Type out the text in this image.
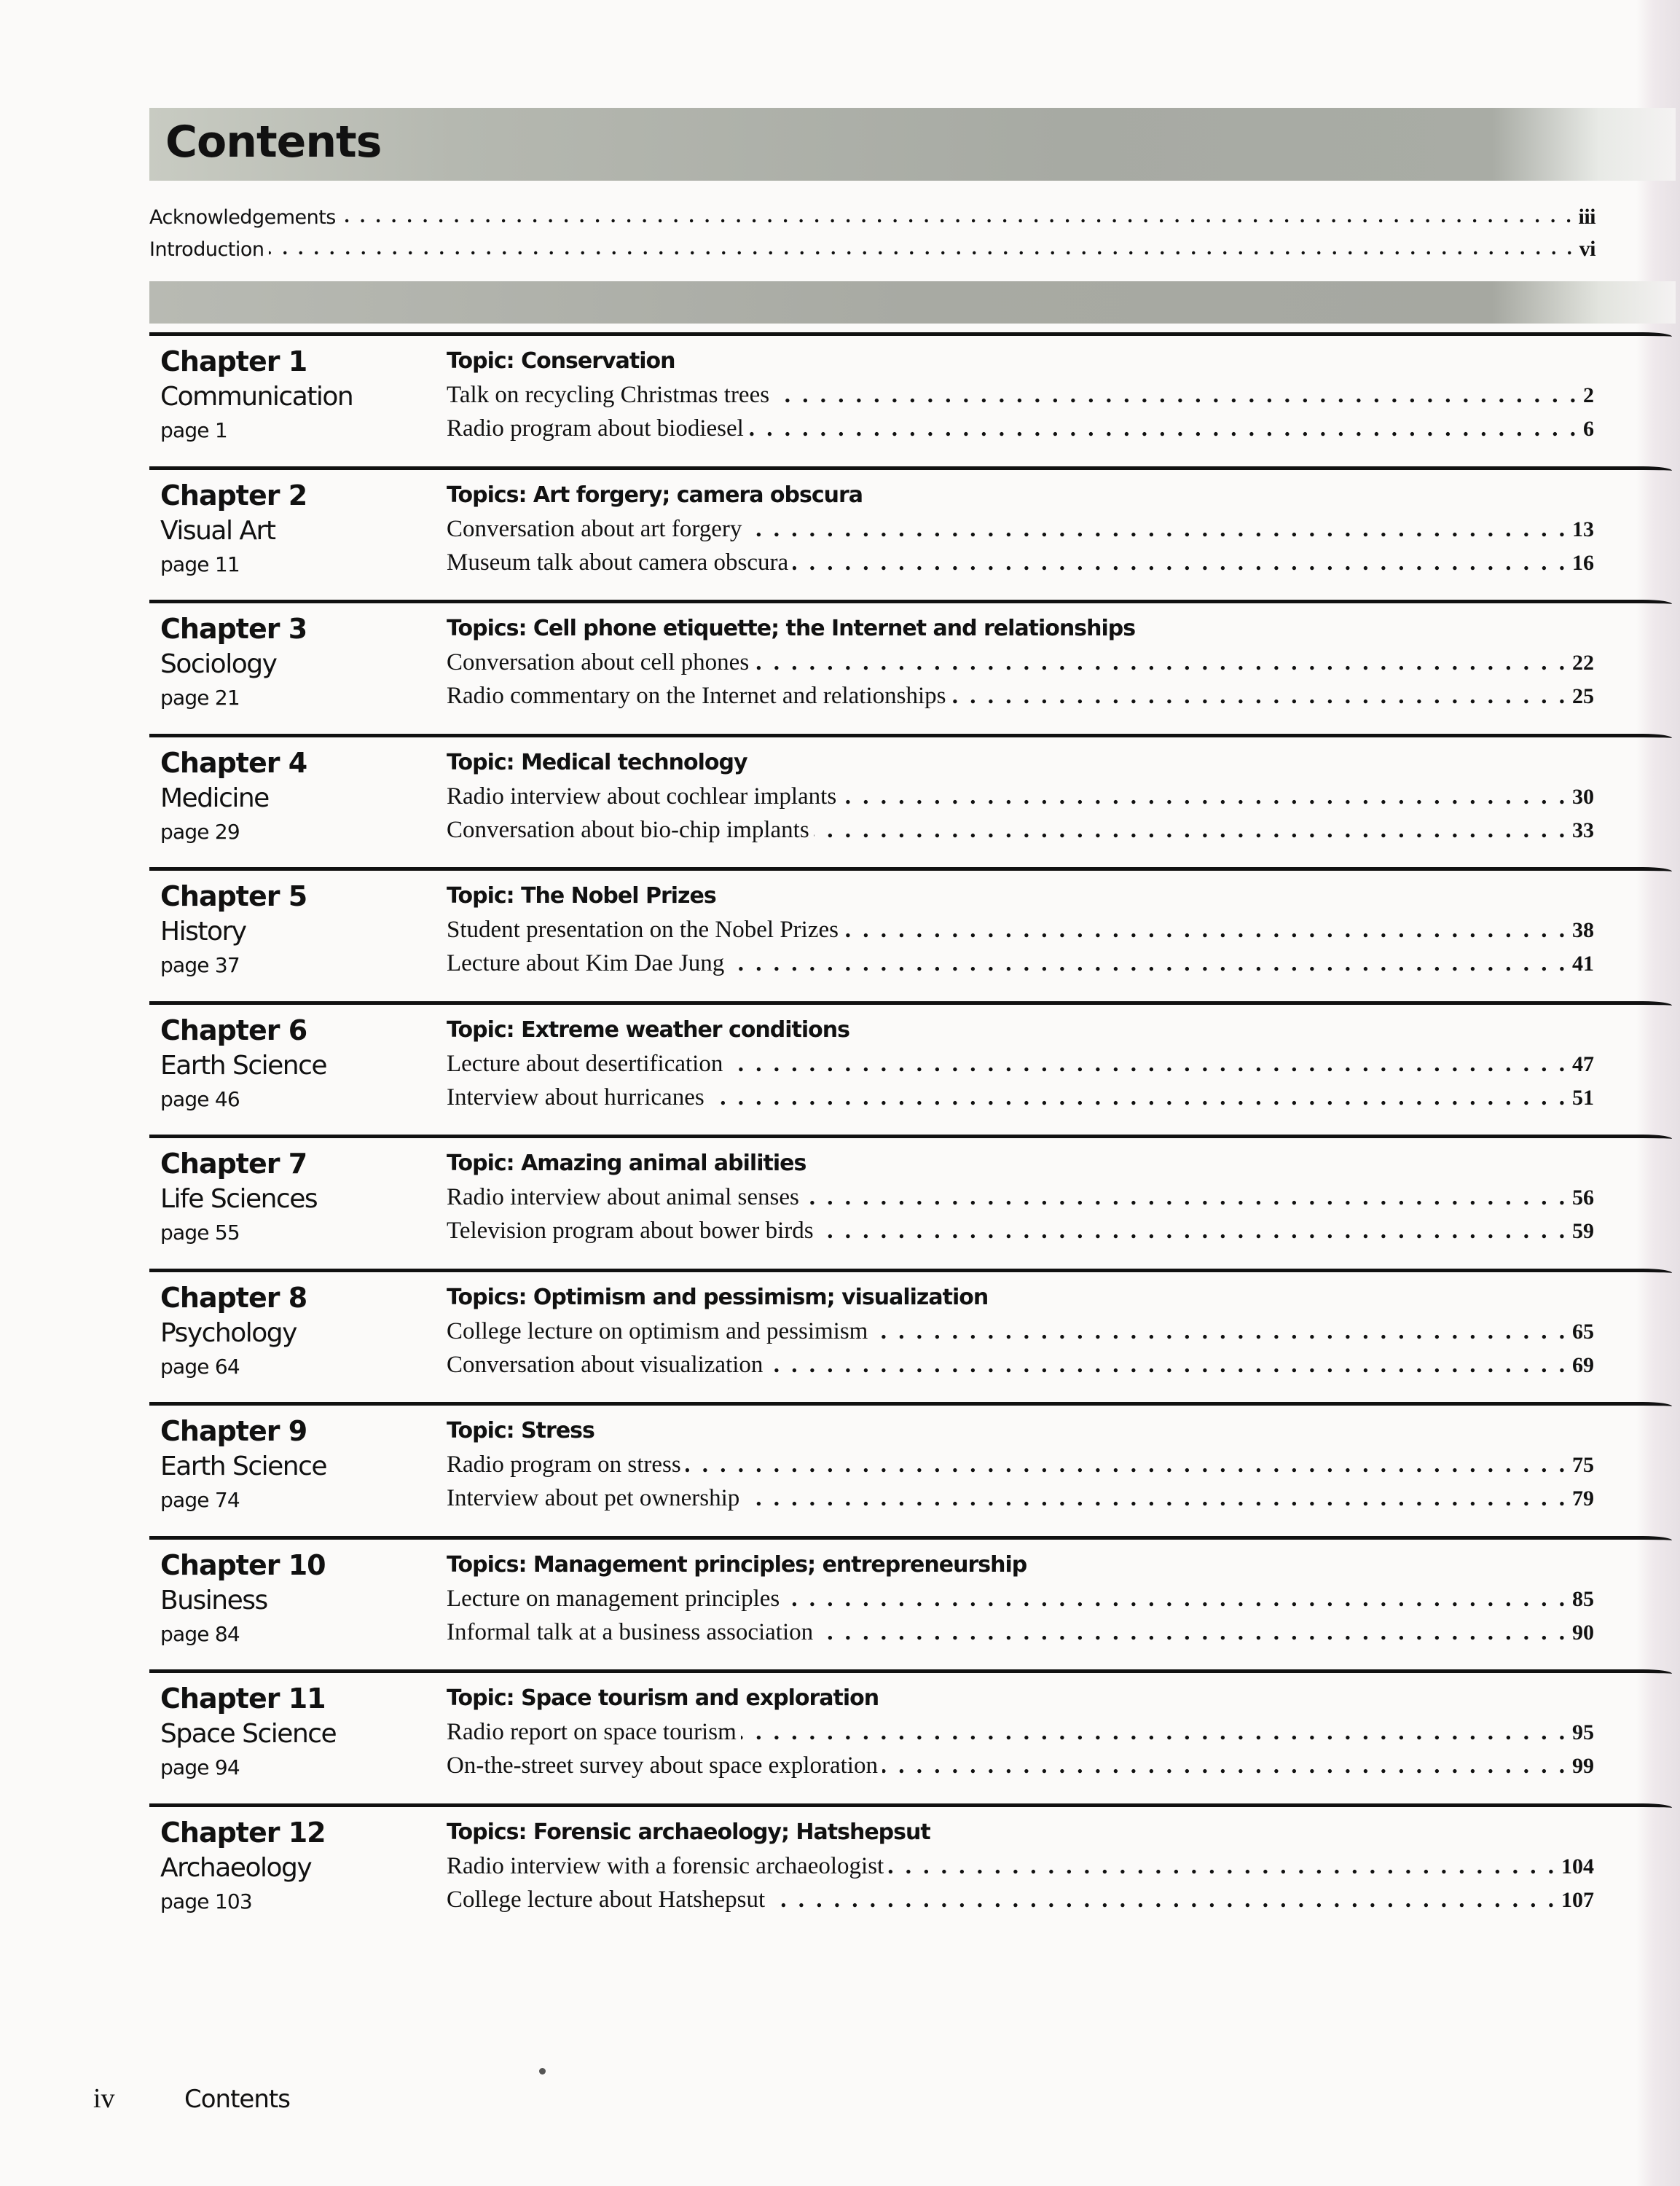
Contents
Acknowledgements . . .	iii
Introduction . . .	vi
Chapter 1
Communication
page 1
Topic: Conservation
Talk on recycling Christmas trees . . .	2
Radio program about biodiesel . . .	6
Chapter 2
Visual Art
page 11
Topics: Art forgery; camera obscura
Conversation about art forgery . . .	13
Museum talk about camera obscura . . .	16
Chapter 3
Sociology
page 21
Topics: Cell phone etiquette; the Internet and relationships
Conversation about cell phones . . .	22
Radio commentary on the Internet and relationships . . .	25
Chapter 4
Medicine
page 29
Topic: Medical technology
Radio interview about cochlear implants . . .	30
Conversation about bio-chip implants . . .	33
Chapter 5
History
page 37
Topic: The Nobel Prizes
Student presentation on the Nobel Prizes . . .	38
Lecture about Kim Dae Jung . . .	41
Chapter 6
Earth Science
page 46
Topic: Extreme weather conditions
Lecture about desertification . . .	47
Interview about hurricanes . . .	51
Chapter 7
Life Sciences
page 55
Topic: Amazing animal abilities
Radio interview about animal senses . . .	56
Television program about bower birds . . .	59
Chapter 8
Psychology
page 64
Topics: Optimism and pessimism; visualization
College lecture on optimism and pessimism . . .	65
Conversation about visualization . . .	69
Chapter 9
Earth Science
page 74
Topic: Stress
Radio program on stress . . .	75
Interview about pet ownership . . .	79
Chapter 10
Business
page 84
Topics: Management principles; entrepreneurship
Lecture on management principles . . .	85
Informal talk at a business association . . .	90
Chapter 11
Space Science
page 94
Topic: Space tourism and exploration
Radio report on space tourism . . .	95
On-the-street survey about space exploration . . .	99
Chapter 12
Archaeology
page 103
Topics: Forensic archaeology; Hatshepsut
Radio interview with a forensic archaeologist . . .	104
College lecture about Hatshepsut . . .	107
iv	Contents
